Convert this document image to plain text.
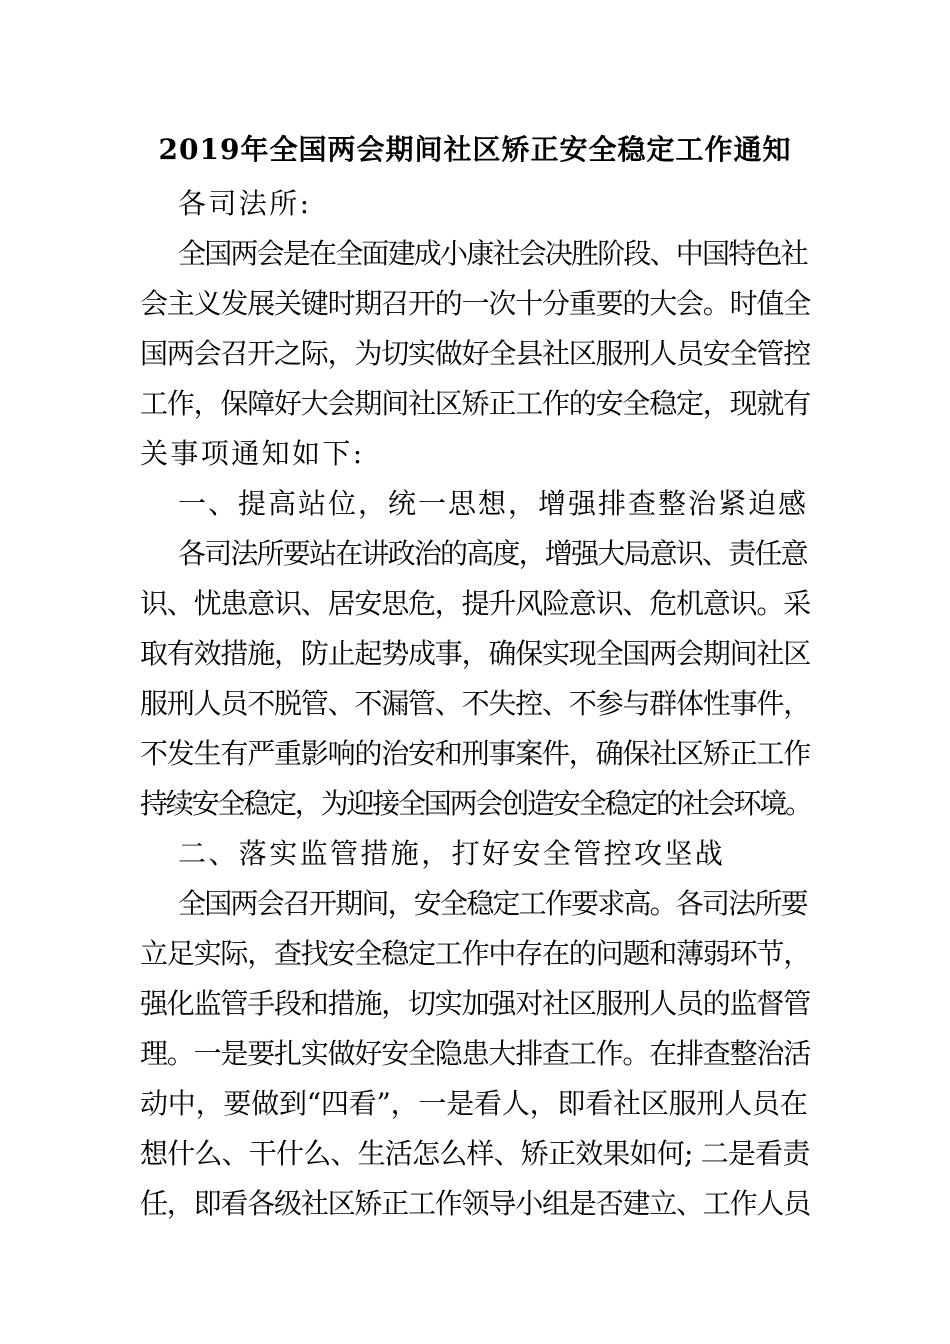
2019年全国两会期间社区矫正安全稳定工作通知
各司法所:
全国两会是在全面建成小康社会决胜阶段、中国特色社
会主义发展关键时期召开的一次十分重要的大会。时值全
国两会召开之际，为切实做好全县社区服刑人员安全管控
工作，保障好大会期间社区矫正工作的安全稳定，现就有
关事项通知如下:
一、提高站位，统一思想，增强排查整治紧迫感
各司法所要站在讲政治的高度，增强大局意识、责任意
识、忧患意识、居安思危，提升风险意识、危机意识。采
取有效措施，防止起势成事，确保实现全国两会期间社区
服刑人员不脱管、不漏管、不失控、不参与群体性事件，
不发生有严重影响的治安和刑事案件，确保社区矫正工作
持续安全稳定，为迎接全国两会创造安全稳定的社会环境。
二、落实监管措施，打好安全管控攻坚战
全国两会召开期间，安全稳定工作要求高。各司法所要
立足实际，查找安全稳定工作中存在的问题和薄弱环节，
强化监管手段和措施，切实加强对社区服刑人员的监督管
理。一是要扎实做好安全隐患大排查工作。在排查整治活
动中，要做到“四看”，一是看人，即看社区服刑人员在
想什么、干什么、生活怎么样、矫正效果如何; 二是看责
任，即看各级社区矫正工作领导小组是否建立、工作人员
